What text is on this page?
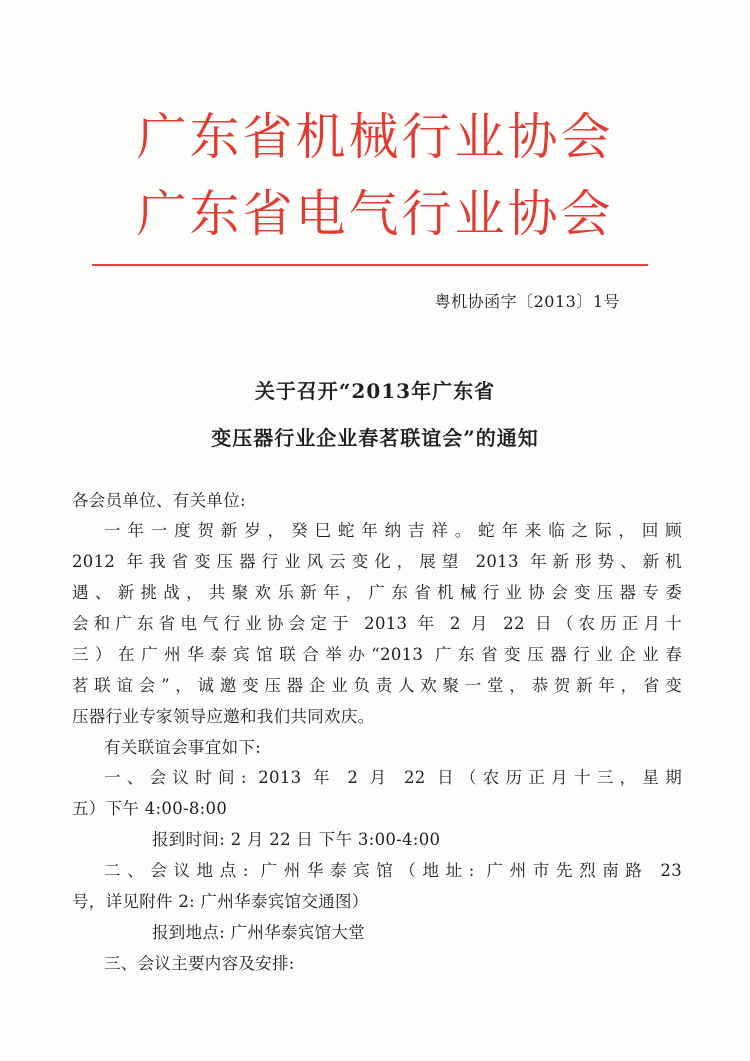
广东省机械行业协会
广东省电气行业协会
粤机协函字〔2013〕1号
关于召开“2013年广东省
变压器行业企业春茗联谊会”的通知
各会员单位、有关单位:
一年一度贺新岁，癸巳蛇年纳吉祥。蛇年来临之际，回顾
2012 年我省变压器行业风云变化，展望 2013 年新形势、新机
遇、新挑战，共聚欢乐新年，广东省机械行业协会变压器专委
会和广东省电气行业协会定于 2013 年 2 月 22 日（农历正月十
三）在广州华泰宾馆联合举办“2013 广东省变压器行业企业春
茗联谊会”，诚邀变压器企业负责人欢聚一堂，恭贺新年，省变
压器行业专家领导应邀和我们共同欢庆。
有关联谊会事宜如下:
一、会议时间: 2013 年 2 月 22 日（农历正月十三，星期
五）下午 4:00-8:00
报到时间: 2 月 22 日 下午 3:00-4:00
二、会议地点: 广州华泰宾馆（地址: 广州市先烈南路 23
号，详见附件 2: 广州华泰宾馆交通图）
报到地点: 广州华泰宾馆大堂
三、会议主要内容及安排:
